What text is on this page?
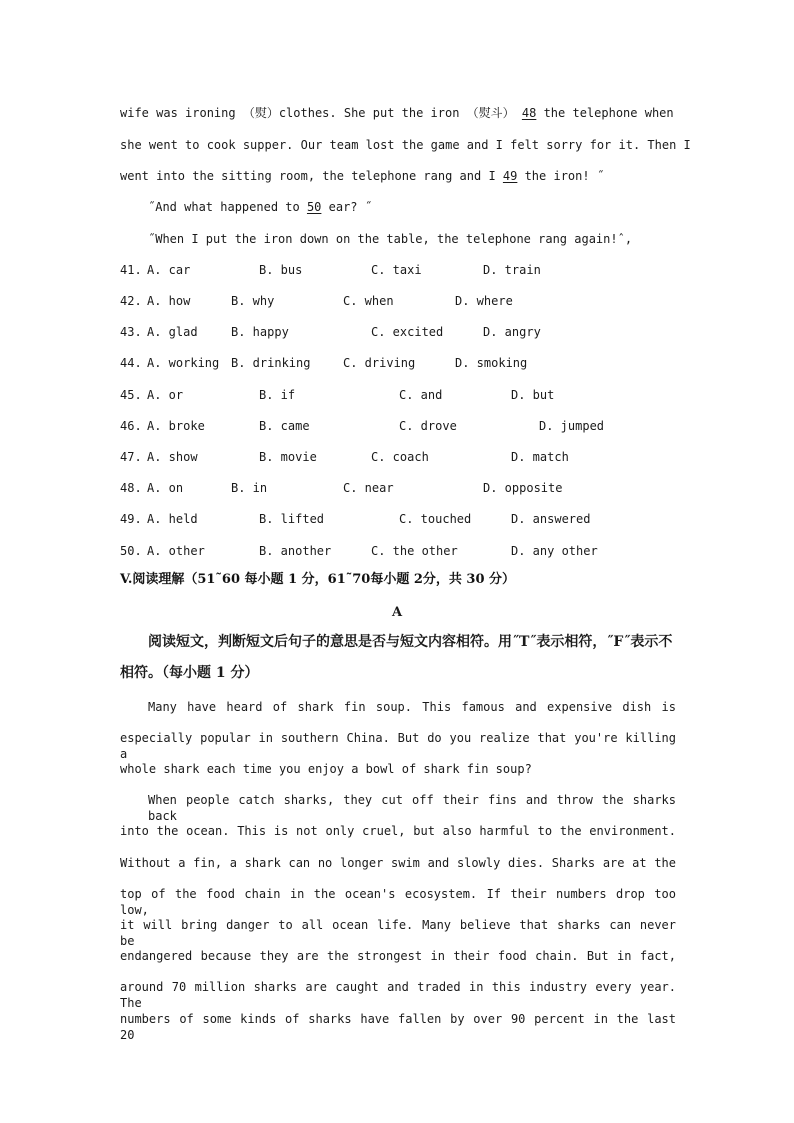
wife was ironing （熨）clothes. She put the iron （熨斗） 48 the telephone when
she went to cook supper. Our team lost the game and I felt sorry for it. Then I
went into the sitting room, the telephone rang and I 49 the iron! ˝
˝And what happened to 50 ear? ˝
˝When I put the iron down on the table, the telephone rang again!ˆ,
41. A. car	B. bus	C. taxi	D. train
42. A. how	B. why	C. when	D. where
43. A. glad	B. happy	C. excited	D. angry
44. A. working B. drinking	C. driving	D. smoking
45. A. or	B. if	C. and	D. but
46. A. broke	B. came	C. drove	D. jumped
47. A. show	B. movie	C. coach	D. match
48. A. on	B. in	C. near	D. opposite
49. A. held	B. lifted	C. touched	D. answered
50. A. other	B. another	C. the other	D. any other
V.阅读理解（51˜60 每小题 1 分，61˜70每小题 2分，共 30 分）
A
阅读短文，判断短文后句子的意思是否与短文内容相符。用˝T˝表示相符，˝F˝表示不
相符。（每小题 1 分）
Many have heard of shark fin soup. This famous and expensive dish is
especially popular in southern China. But do you realize that you're killing a
whole shark each time you enjoy a bowl of shark fin soup?
When people catch sharks, they cut off their fins and throw the sharks back
into the ocean. This is not only cruel, but also harmful to the environment.
Without a fin, a shark can no longer swim and slowly dies. Sharks are at the
top of the food chain in the ocean's ecosystem. If their numbers drop too low,
it will bring danger to all ocean life. Many believe that sharks can never be
endangered because they are the strongest in their food chain. But in fact,
around 70 million sharks are caught and traded in this industry every year. The
numbers of some kinds of sharks have fallen by over 90 percent in the last 20
